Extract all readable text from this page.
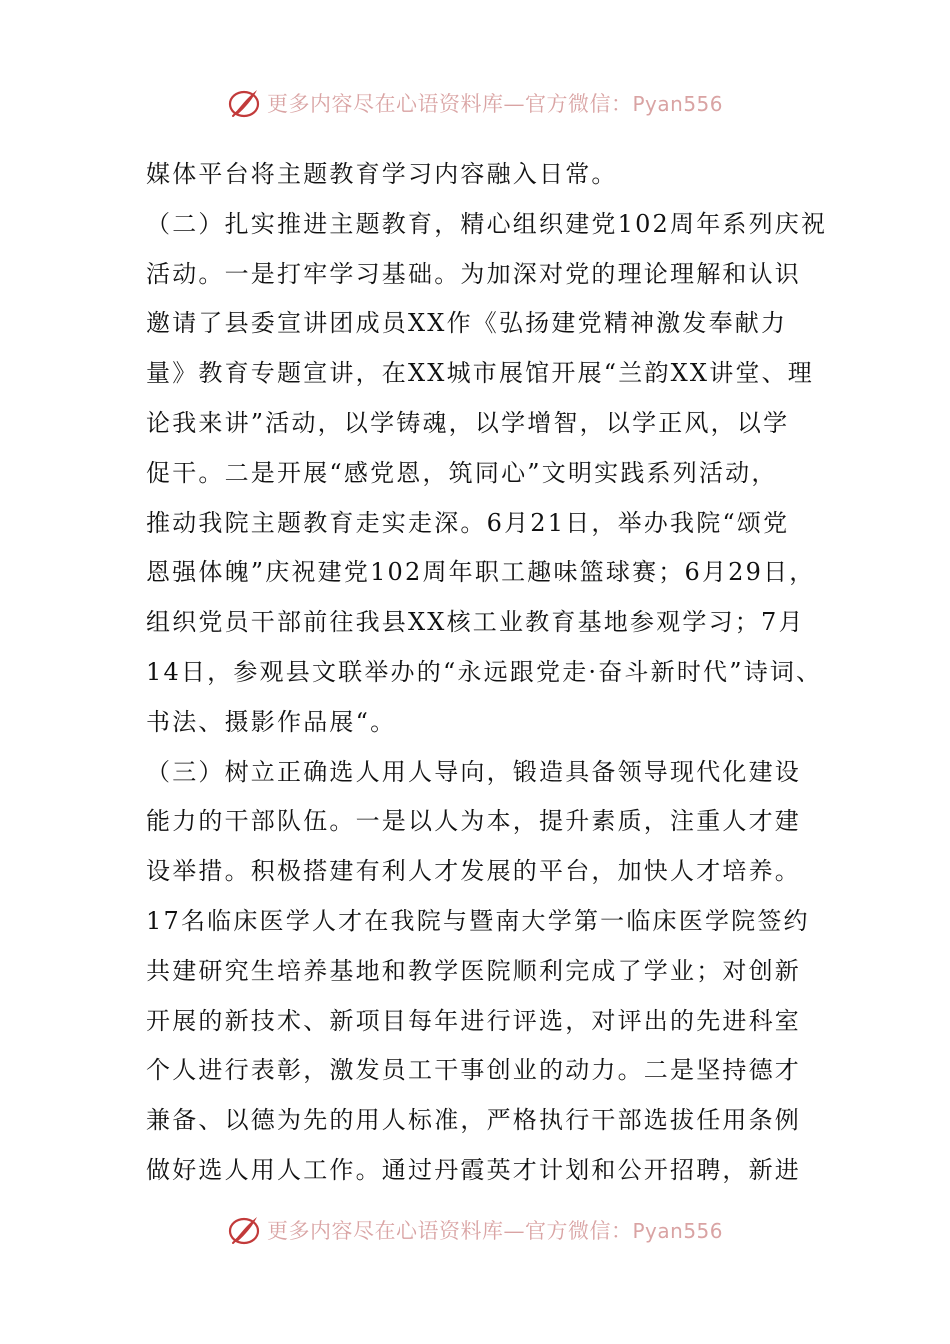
更多内容尽在心语资料库—官方微信：Pyan556
媒体平台将主题教育学习内容融入日常。
（二）扎实推进主题教育，精心组织建党102周年系列庆祝
活动。一是打牢学习基础。为加深对党的理论理解和认识
邀请了县委宣讲团成员XX作《弘扬建党精神激发奉献力
量》教育专题宣讲，在XX城市展馆开展“兰韵XX讲堂、理
论我来讲”活动，以学铸魂，以学增智，以学正风，以学
促干。二是开展“感党恩，筑同心”文明实践系列活动，
推动我院主题教育走实走深。6月21日，举办我院“颂党
恩强体魄”庆祝建党102周年职工趣味篮球赛；6月29日，
组织党员干部前往我县XX核工业教育基地参观学习；7月
14日，参观县文联举办的“永远跟党走·奋斗新时代”诗词、
书法、摄影作品展“。
（三）树立正确选人用人导向，锻造具备领导现代化建设
能力的干部队伍。一是以人为本，提升素质，注重人才建
设举措。积极搭建有利人才发展的平台，加快人才培养。
17名临床医学人才在我院与暨南大学第一临床医学院签约
共建研究生培养基地和教学医院顺利完成了学业；对创新
开展的新技术、新项目每年进行评选，对评出的先进科室
个人进行表彰，激发员工干事创业的动力。二是坚持德才
兼备、以德为先的用人标准，严格执行干部选拔任用条例
做好选人用人工作。通过丹霞英才计划和公开招聘，新进
更多内容尽在心语资料库—官方微信：Pyan556
